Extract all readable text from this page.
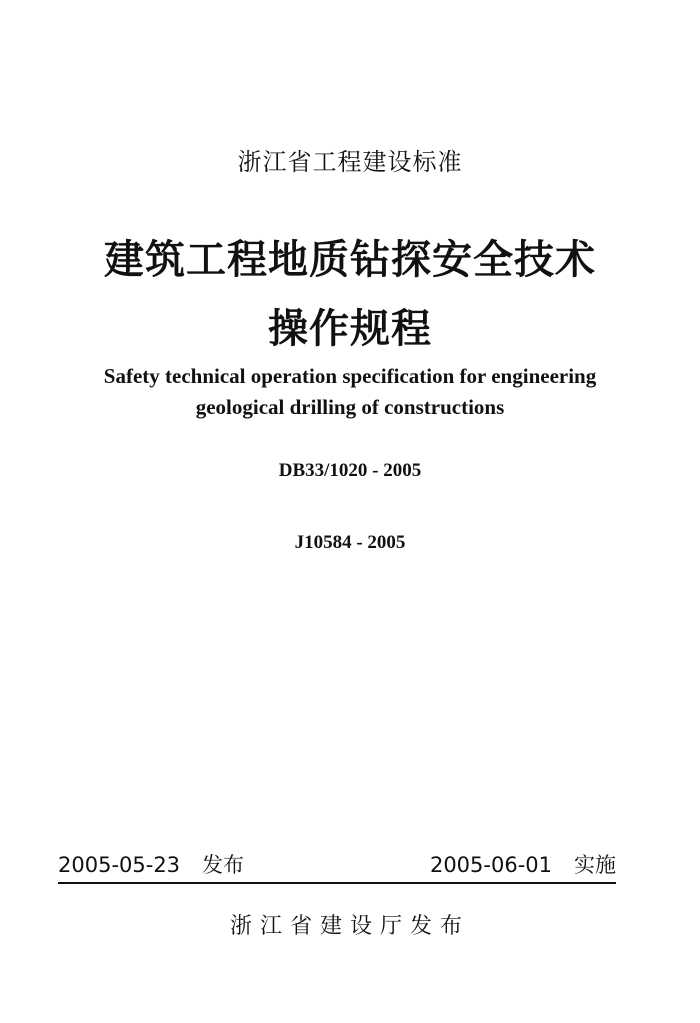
浙江省工程建设标准
建筑工程地质钻探安全技术
操作规程
Safety technical operation specification for engineering
geological drilling of constructions
DB33/1020 - 2005
J10584 - 2005
2005-05-23 发布	2005-06-01 实施
浙江省建设厅发布
